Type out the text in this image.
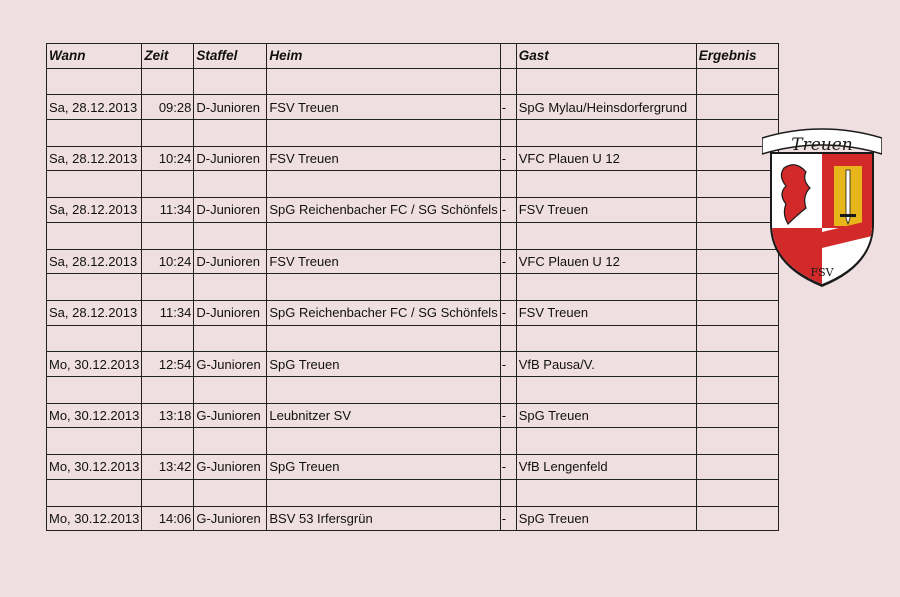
Wann	Zeit	Staffel	Heim		Gast	Ergebnis

Sa, 28.12.2013	09:28	D-Junioren	FSV Treuen	-	SpG Mylau/Heinsdorfergrund	

Sa, 28.12.2013	10:24	D-Junioren	FSV Treuen	-	VFC Plauen U 12	

Sa, 28.12.2013	11:34	D-Junioren	SpG Reichenbacher FC / SG Schönfels	-	FSV Treuen	

Sa, 28.12.2013	10:24	D-Junioren	FSV Treuen	-	VFC Plauen U 12	

Sa, 28.12.2013	11:34	D-Junioren	SpG Reichenbacher FC / SG Schönfels	-	FSV Treuen	

Mo, 30.12.2013	12:54	G-Junioren	SpG Treuen	-	VfB Pausa/V.	

Mo, 30.12.2013	13:18	G-Junioren	Leubnitzer SV	-	SpG Treuen	

Mo, 30.12.2013	13:42	G-Junioren	SpG Treuen	-	VfB Lengenfeld	

Mo, 30.12.2013	14:06	G-Junioren	BSV 53 Irfersgrün	-	SpG Treuen	
Treuen
FSV
